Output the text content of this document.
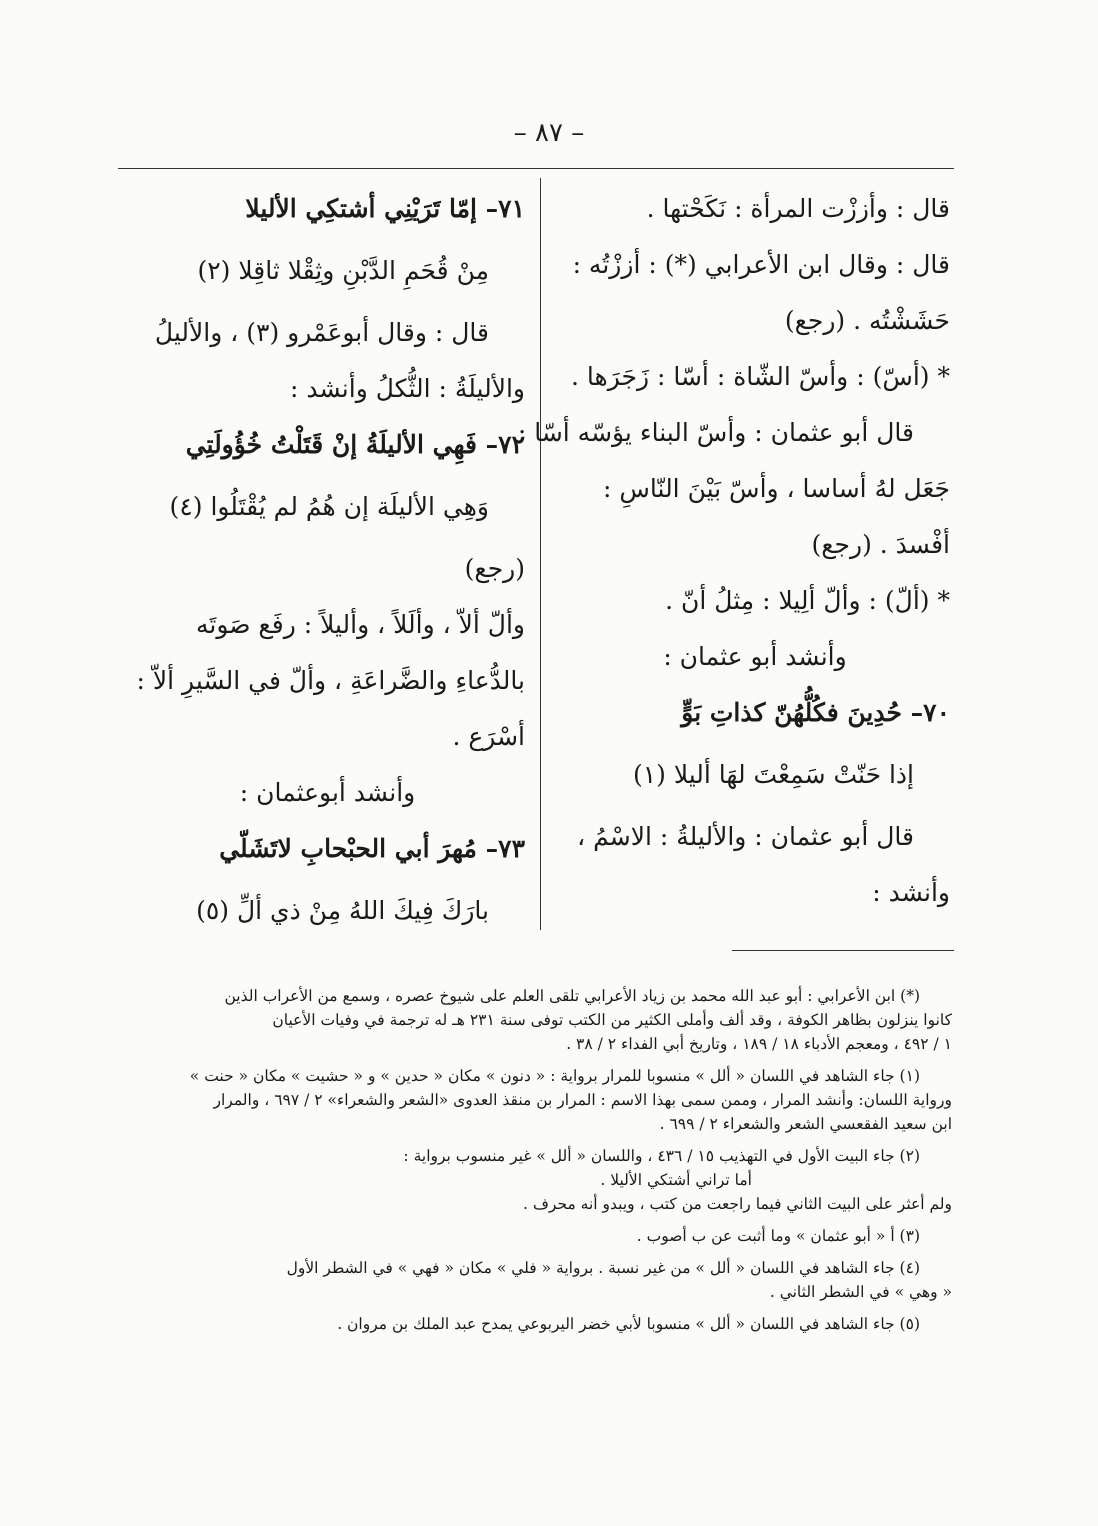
– ٨٧ –
قال : وأززْت المرأة : نَكَحْتها .
قال : وقال ابن الأعرابي (*) : أززْتُه :
حَشَشْتُه . (رجع)
* (أسّ) : وأسّ الشّاة : أسّا : زَجَرَها .
قال أبو عثمان : وأسّ البناء يؤسّه أسّا :
جَعَل لهُ أساسا ، وأسّ بَيْنَ النّاسِ :
أفْسدَ . (رجع)
* (ألّ) : وألّ ألِيلا : مِثلُ أنّ .
وأنشد أبو عثمان :
٧٠– حُدِينَ فكُلُّهُنّ كذاتِ بَوٍّ
إذا حَنّتْ سَمِعْتَ لهَا أليلا (١)
قال أبو عثمان : والأليلةُ : الاسْمُ ،
وأنشد :
٧١– إمّا تَرَيْنِي أشتكِي الأليلا
مِنْ قُحَمِ الدَّبْنِ وثِقْلا ثاقِلا (٢)
قال : وقال أبوعَمْرو (٣) ، والأليلُ
والأليلَةُ : الثُّكلُ وأنشد :
٧٢– فَهِي الأليلَةُ إنْ قَتَلْتُ خُؤُولَتِي
وَهِي الأليلَة إن هُمُ لم يُقْتَلُوا (٤)
(رجع)
وألّ ألاّ ، وألَلاً ، وأليلاً : رفَع صَوتَه
بالدُّعاءِ والضَّراعَةِ ، وألّ في السَّيرِ ألاّ :
أسْرَع .
وأنشد أبوعثمان :
٧٣– مُهرَ أبي الحبْحابِ لاتَشَلّي
بارَكَ فِيكَ اللهُ مِنْ ذي ألِّ (٥)
(*) ابن الأعرابي : أبو عبد الله محمد بن زياد الأعرابي تلقى العلم على شيوخ عصره ، وسمع من الأعراب الذين
كانوا ينزلون بظاهر الكوفة ، وقد ألف وأملى الكثير من الكتب توفى سنة ٢٣١ هـ له ترجمة في وفيات الأعيان
١ / ٤٩٢ ، ومعجم الأدباء ١٨ / ١٨٩ ، وتاريخ أبي الفداء ٢ / ٣٨ .
(١) جاء الشاهد في اللسان « ألل » منسوبا للمرار برواية : « دنون » مكان « حدين » و « حشيت » مكان « حنت »
ورواية اللسان: وأنشد المرار ، وممن سمى بهذا الاسم : المرار بن منقذ العدوى «الشعر والشعراء» ٢ / ٦٩٧ ، والمرار
ابن سعيد الفقعسي الشعر والشعراء ٢ / ٦٩٩ .
(٢) جاء البيت الأول في التهذيب ١٥ / ٤٣٦ ، واللسان « ألل » غير منسوب برواية :
أما تراني أشتكي الأليلا .
ولم أعثر على البيت الثاني فيما راجعت من كتب ، ويبدو أنه محرف .
(٣) أ « أبو عثمان » وما أثبت عن ب أصوب .
(٤) جاء الشاهد في اللسان « ألل » من غير نسبة . برواية « فلي » مكان « فهي » في الشطر الأول
« وهي » في الشطر الثاني .
(٥) جاء الشاهد في اللسان « ألل » منسوبا لأبي خضر اليربوعي يمدح عبد الملك بن مروان .
